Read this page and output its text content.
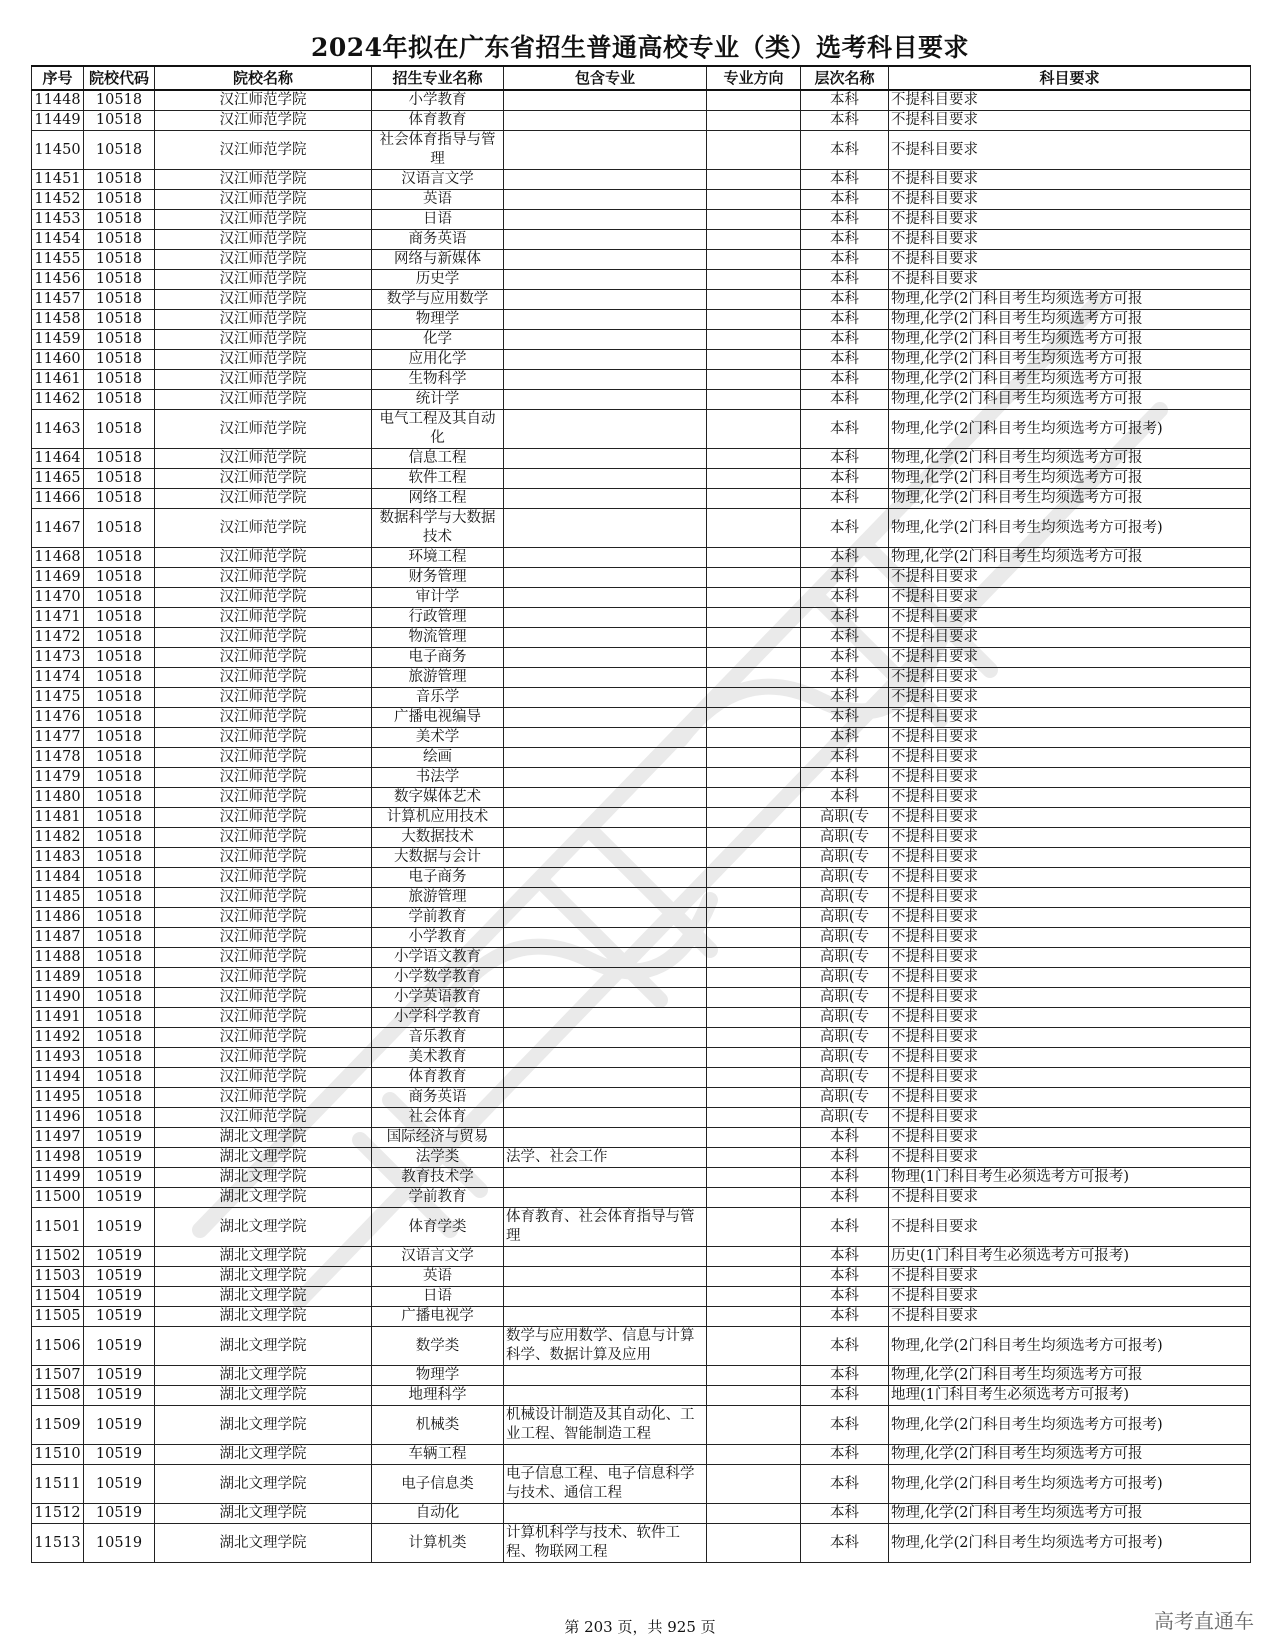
2024年拟在广东省招生普通高校专业（类）选考科目要求
序号	院校代码	院校名称	招生专业名称	包含专业	专业方向	层次名称	科目要求
11448	10518	汉江师范学院	小学教育			本科	不提科目要求
11449	10518	汉江师范学院	体育教育			本科	不提科目要求
11450	10518	汉江师范学院	社会体育指导与管理			本科	不提科目要求
11451	10518	汉江师范学院	汉语言文学			本科	不提科目要求
11452	10518	汉江师范学院	英语			本科	不提科目要求
11453	10518	汉江师范学院	日语			本科	不提科目要求
11454	10518	汉江师范学院	商务英语			本科	不提科目要求
11455	10518	汉江师范学院	网络与新媒体			本科	不提科目要求
11456	10518	汉江师范学院	历史学			本科	不提科目要求
11457	10518	汉江师范学院	数学与应用数学			本科	物理,化学(2门科目考生均须选考方可报
11458	10518	汉江师范学院	物理学			本科	物理,化学(2门科目考生均须选考方可报
11459	10518	汉江师范学院	化学			本科	物理,化学(2门科目考生均须选考方可报
11460	10518	汉江师范学院	应用化学			本科	物理,化学(2门科目考生均须选考方可报
11461	10518	汉江师范学院	生物科学			本科	物理,化学(2门科目考生均须选考方可报
11462	10518	汉江师范学院	统计学			本科	物理,化学(2门科目考生均须选考方可报
11463	10518	汉江师范学院	电气工程及其自动化			本科	物理,化学(2门科目考生均须选考方可报考)
11464	10518	汉江师范学院	信息工程			本科	物理,化学(2门科目考生均须选考方可报
11465	10518	汉江师范学院	软件工程			本科	物理,化学(2门科目考生均须选考方可报
11466	10518	汉江师范学院	网络工程			本科	物理,化学(2门科目考生均须选考方可报
11467	10518	汉江师范学院	数据科学与大数据技术			本科	物理,化学(2门科目考生均须选考方可报考)
11468	10518	汉江师范学院	环境工程			本科	物理,化学(2门科目考生均须选考方可报
11469	10518	汉江师范学院	财务管理			本科	不提科目要求
11470	10518	汉江师范学院	审计学			本科	不提科目要求
11471	10518	汉江师范学院	行政管理			本科	不提科目要求
11472	10518	汉江师范学院	物流管理			本科	不提科目要求
11473	10518	汉江师范学院	电子商务			本科	不提科目要求
11474	10518	汉江师范学院	旅游管理			本科	不提科目要求
11475	10518	汉江师范学院	音乐学			本科	不提科目要求
11476	10518	汉江师范学院	广播电视编导			本科	不提科目要求
11477	10518	汉江师范学院	美术学			本科	不提科目要求
11478	10518	汉江师范学院	绘画			本科	不提科目要求
11479	10518	汉江师范学院	书法学			本科	不提科目要求
11480	10518	汉江师范学院	数字媒体艺术			本科	不提科目要求
11481	10518	汉江师范学院	计算机应用技术			高职(专	不提科目要求
11482	10518	汉江师范学院	大数据技术			高职(专	不提科目要求
11483	10518	汉江师范学院	大数据与会计			高职(专	不提科目要求
11484	10518	汉江师范学院	电子商务			高职(专	不提科目要求
11485	10518	汉江师范学院	旅游管理			高职(专	不提科目要求
11486	10518	汉江师范学院	学前教育			高职(专	不提科目要求
11487	10518	汉江师范学院	小学教育			高职(专	不提科目要求
11488	10518	汉江师范学院	小学语文教育			高职(专	不提科目要求
11489	10518	汉江师范学院	小学数学教育			高职(专	不提科目要求
11490	10518	汉江师范学院	小学英语教育			高职(专	不提科目要求
11491	10518	汉江师范学院	小学科学教育			高职(专	不提科目要求
11492	10518	汉江师范学院	音乐教育			高职(专	不提科目要求
11493	10518	汉江师范学院	美术教育			高职(专	不提科目要求
11494	10518	汉江师范学院	体育教育			高职(专	不提科目要求
11495	10518	汉江师范学院	商务英语			高职(专	不提科目要求
11496	10518	汉江师范学院	社会体育			高职(专	不提科目要求
11497	10519	湖北文理学院	国际经济与贸易			本科	不提科目要求
11498	10519	湖北文理学院	法学类	法学、社会工作		本科	不提科目要求
11499	10519	湖北文理学院	教育技术学			本科	物理(1门科目考生必须选考方可报考)
11500	10519	湖北文理学院	学前教育			本科	不提科目要求
11501	10519	湖北文理学院	体育学类	体育教育、社会体育指导与管理		本科	不提科目要求
11502	10519	湖北文理学院	汉语言文学			本科	历史(1门科目考生必须选考方可报考)
11503	10519	湖北文理学院	英语			本科	不提科目要求
11504	10519	湖北文理学院	日语			本科	不提科目要求
11505	10519	湖北文理学院	广播电视学			本科	不提科目要求
11506	10519	湖北文理学院	数学类	数学与应用数学、信息与计算科学、数据计算及应用		本科	物理,化学(2门科目考生均须选考方可报考)
11507	10519	湖北文理学院	物理学			本科	物理,化学(2门科目考生均须选考方可报
11508	10519	湖北文理学院	地理科学			本科	地理(1门科目考生必须选考方可报考)
11509	10519	湖北文理学院	机械类	机械设计制造及其自动化、工业工程、智能制造工程		本科	物理,化学(2门科目考生均须选考方可报考)
11510	10519	湖北文理学院	车辆工程			本科	物理,化学(2门科目考生均须选考方可报
11511	10519	湖北文理学院	电子信息类	电子信息工程、电子信息科学与技术、通信工程		本科	物理,化学(2门科目考生均须选考方可报考)
11512	10519	湖北文理学院	自动化			本科	物理,化学(2门科目考生均须选考方可报
11513	10519	湖北文理学院	计算机类	计算机科学与技术、软件工程、物联网工程		本科	物理,化学(2门科目考生均须选考方可报考)
第 203 页，共 925 页	高考直通车
